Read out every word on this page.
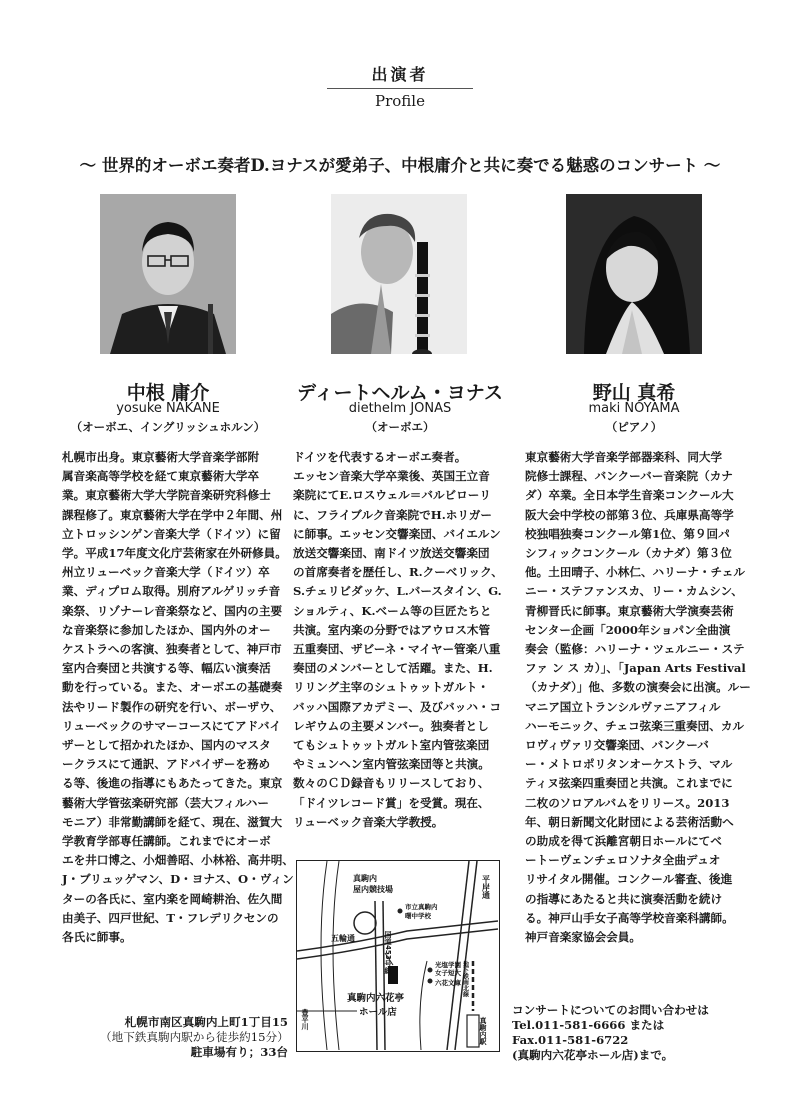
出演者
Profile
〜 世界的オーボエ奏者D.ヨナスが愛弟子、中根庸介と共に奏でる魅惑のコンサート 〜
中根 庸介
yosuke NAKANE
（オーボエ、イングリッシュホルン）
ディートヘルム・ヨナス
diethelm JONAS
（オーボエ）
野山 真希
maki NOYAMA
（ピアノ）
札幌市出身。東京藝術大学音楽学部附
属音楽高等学校を経て東京藝術大学卒
業。東京藝術大学大学院音楽研究科修士
課程修了。東京藝術大学在学中２年間、州
立トロッシンゲン音楽大学（ドイツ）に留
学。平成17年度文化庁芸術家在外研修員。
州立リューベック音楽大学（ドイツ）卒
業、ディプロム取得。別府アルゲリッチ音
楽祭、リゾナーレ音楽祭など、国内の主要
な音楽祭に参加したほか、国内外のオー
ケストラへの客演、独奏者として、神戸市
室内合奏団と共演する等、幅広い演奏活
動を行っている。また、オーボエの基礎奏
法やリード製作の研究を行い、ボーザウ、
リューベックのサマーコースにてアドバイ
ザーとして招かれたほか、国内のマスタ
ークラスにて通訳、アドバイザーを務め
る等、後進の指導にもあたってきた。東京
藝術大学管弦楽研究部（芸大フィルハー
モニア）非常勤講師を経て、現在、滋賀大
学教育学部専任講師。これまでにオーボ
エを井口博之、小畑善昭、小林裕、高井明、
J・ブリュッゲマン、D・ヨナス、O・ヴィン
ターの各氏に、室内楽を岡崎耕治、佐久間
由美子、四戸世紀、T・フレデリクセンの
各氏に師事。
ドイツを代表するオーボエ奏者。
エッセン音楽大学卒業後、英国王立音
楽院にてE.ロスウェル＝バルビローリ
に、フライブルク音楽院でH.ホリガー
に師事。エッセン交響楽団、バイエルン
放送交響楽団、南ドイツ放送交響楽団
の首席奏者を歴任し、R.クーベリック、
S.チェリビダッケ、L.バースタイン、G.
ショルティ、K.ベーム等の巨匠たちと
共演。室内楽の分野ではアウロス木管
五重奏団、ザビーネ・マイヤー管楽八重
奏団のメンバーとして活躍。また、H.
リリング主宰のシュトゥットガルト・
バッハ国際アカデミー、及びバッハ・コ
レギウムの主要メンバー。独奏者とし
てもシュトゥットガルト室内管弦楽団
やミュンヘン室内管弦楽団等と共演。
数々のＣＤ録音もリリースしており、
「ドイツレコード賞」を受賞。現在、
リューベック音楽大学教授。
東京藝術大学音楽学部器楽科、同大学
院修士課程、バンクーバー音楽院（カナ
ダ）卒業。全日本学生音楽コンクール大
阪大会中学校の部第３位、兵庫県高等学
校独唱独奏コンクール第1位、第９回パ
シフィックコンクール（カナダ）第３位
他。土田晴子、小林仁、ハリーナ・チェル
ニー・ステファンスカ、リー・カムシン、
青柳晋氏に師事。東京藝術大学演奏芸術
センター企画「2000年ショパン全曲演
奏会（監修：ハリーナ・ツェルニー・ステ
ファ ン ス カ）」、「Japan Arts Festival
（カナダ）」他、多数の演奏会に出演。ルー
マニア国立トランシルヴァニアフィル
ハーモニック、チェコ弦楽三重奏団、カル
ロヴィヴァリ交響楽団、バンクーバ
ー・メトロポリタンオーケストラ、マル
ティヌ弦楽四重奏団と共演。これまでに
二枚のソロアルバムをリリース。2013
年、朝日新聞文化財団による芸術活動へ
の助成を得て浜離宮朝日ホールにてベ
ートーヴェンチェロソナタ全曲デュオ
リサイタル開催。コンクール審査、後進
の指導にあたると共に演奏活動を続け
る。神戸山手女子高等学校音楽科講師。
神戸音楽家協会会員。
真駒内
屋内競技場
市立真駒内
曙中学校
五輪通	国道453号線	光塩学園
女子短大
六花文庫
平岸通
地下鉄南北線
真駒内駅
豊平川
真駒内六花亭
ホール店
札幌市南区真駒内上町1丁目15
（地下鉄真駒内駅から徒歩約15分）
駐車場有り；33台
コンサートについてのお問い合わせは
Tel.011-581-6666 または
Fax.011-581-6722
(真駒内六花亭ホール店)まで。
